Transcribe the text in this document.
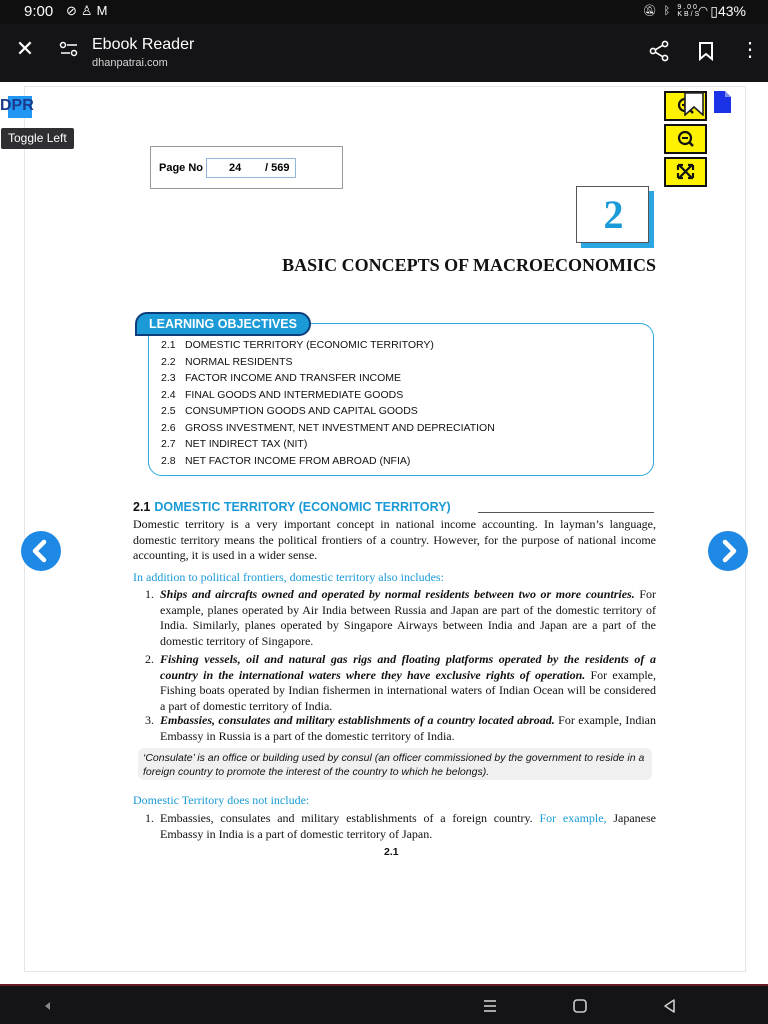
9:00 ⊘♙M	🔕︎ ᛒ 9.00 KB/S ◠ ▯43%
✕	Ebook Reader
dhanpatrai.com
⋮
DPR
Toggle Left
Page No 24 / 569
2
BASIC CONCEPTS OF MACROECONOMICS
LEARNING OBJECTIVES
2.1 DOMESTIC TERRITORY (ECONOMIC TERRITORY)
2.2 NORMAL RESIDENTS
2.3 FACTOR INCOME AND TRANSFER INCOME
2.4 FINAL GOODS AND INTERMEDIATE GOODS
2.5 CONSUMPTION GOODS AND CAPITAL GOODS
2.6 GROSS INVESTMENT, NET INVESTMENT AND DEPRECIATION
2.7 NET INDIRECT TAX (NIT)
2.8 NET FACTOR INCOME FROM ABROAD (NFIA)
2.1 DOMESTIC TERRITORY (ECONOMIC TERRITORY)
Domestic territory is a very important concept in national income accounting. In layman’s language, domestic territory means the political frontiers of a country. However, for the purpose of national income accounting, it is used in a wider sense.
In addition to political frontiers, domestic territory also includes:
1. Ships and aircrafts owned and operated by normal residents between two or more countries. For example, planes operated by Air India between Russia and Japan are part of the domestic territory of India. Similarly, planes operated by Singapore Airways between India and Japan are a part of the domestic territory of Singapore.
2. Fishing vessels, oil and natural gas rigs and floating platforms operated by the residents of a country in the international waters where they have exclusive rights of operation. For example, Fishing boats operated by Indian fishermen in international waters of Indian Ocean will be considered a part of domestic territory of India.
3. Embassies, consulates and military establishments of a country located abroad. For example, Indian Embassy in Russia is a part of the domestic territory of India.
‘Consulate’ is an office or building used by consul (an officer commissioned by the government to reside in a foreign country to promote the interest of the country to which he belongs).
Domestic Territory does not include:
1. Embassies, consulates and military establishments of a foreign country. For example, Japanese Embassy in India is a part of domestic territory of Japan.
2.1
